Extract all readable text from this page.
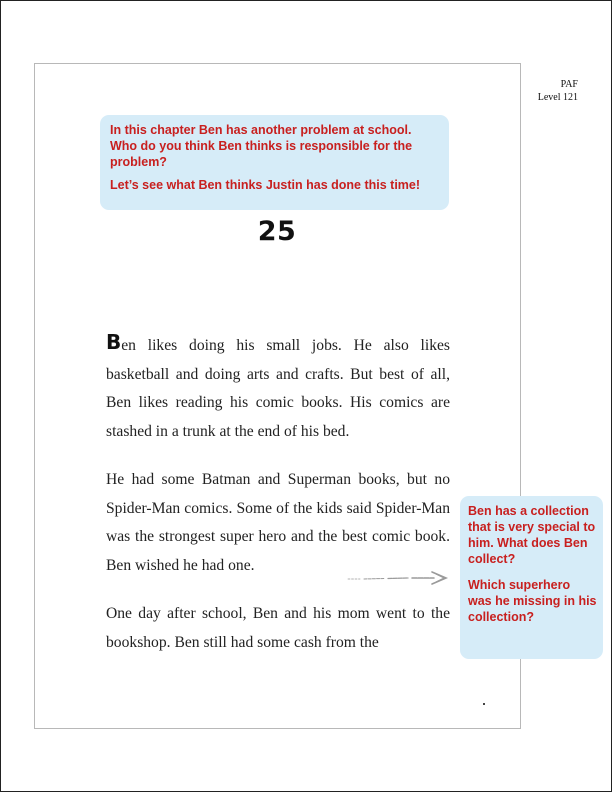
PAF
Level 121

In this chapter Ben has another problem at school. Who do you think Ben thinks is responsible for the problem?

Let’s see what Ben thinks Justin has done this time!

25

Ben likes doing his small jobs. He also likes basketball and doing arts and crafts. But best of all, Ben likes reading his comic books. His comics are stashed in a trunk at the end of his bed.

He had some Batman and Superman books, but no Spider-Man comics. Some of the kids said Spider-Man was the strongest super hero and the best comic book. Ben wished he had one.

One day after school, Ben and his mom went to the bookshop. Ben still had some cash from the

Ben has a collection that is very special to him. What does Ben collect?

Which superhero was he missing in his collection?
